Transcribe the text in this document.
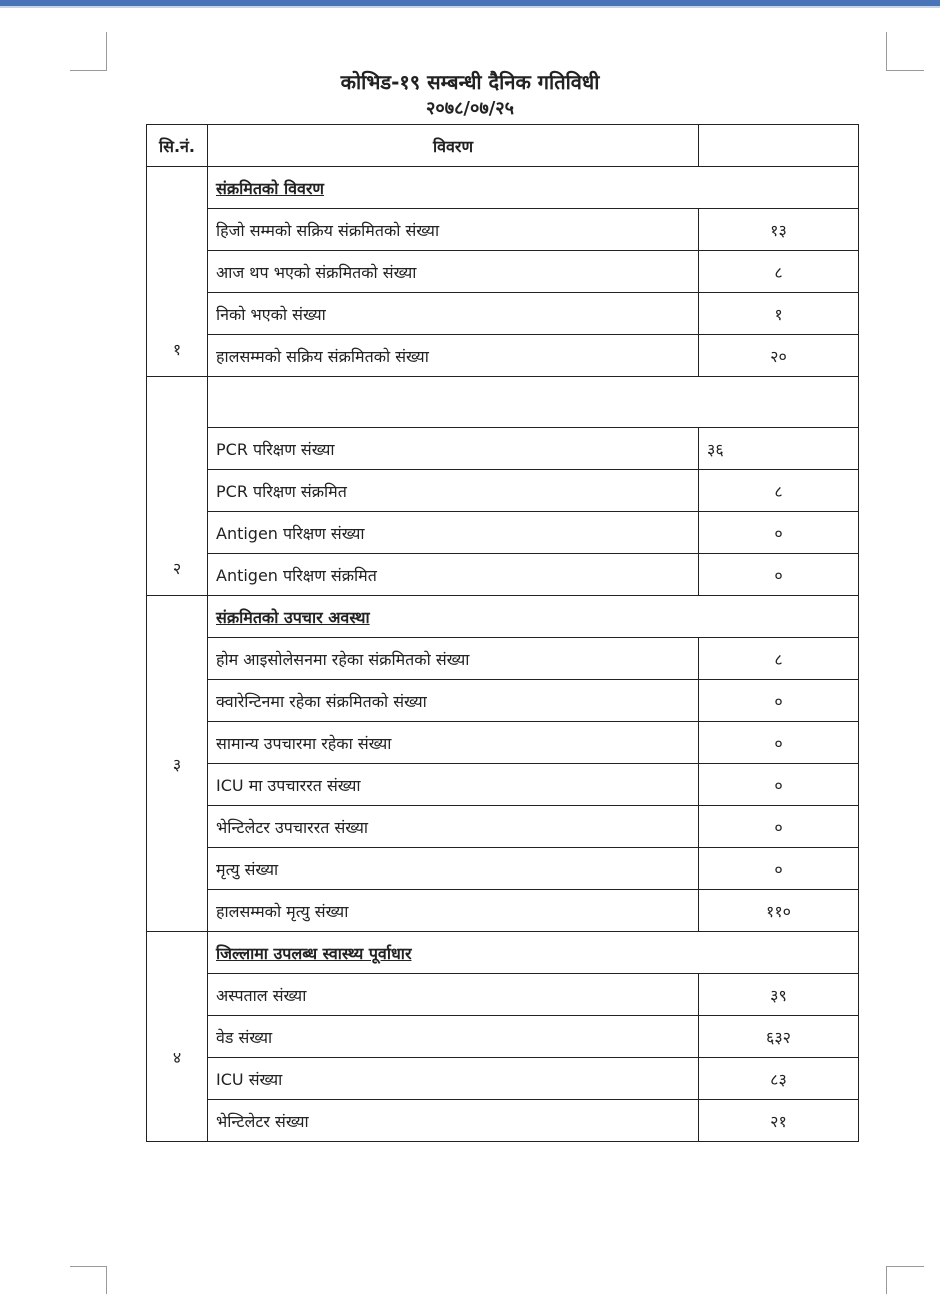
कोभिड-१९ सम्बन्धी दैनिक गतिविधी
२०७८/०७/२५
सि.नं.	विवरण	
१	संक्रमितको विवरण	
	हिजो सम्मको सक्रिय संक्रमितको संख्या	१३
	आज थप भएको संक्रमितको संख्या	८
	निको भएको संख्या	१
	हालसम्मको सक्रिय संक्रमितको संख्या	२०
२		
	PCR परिक्षण संख्या	३६
	PCR परिक्षण संक्रमित	८
	Antigen परिक्षण संख्या	०
	Antigen परिक्षण संक्रमित	०
३	संक्रमितको उपचार अवस्था	
	होम आइसोलेसनमा रहेका संक्रमितको संख्या	८
	क्वारेन्टिनमा रहेका संक्रमितको संख्या	०
	सामान्य उपचारमा रहेका संख्या	०
	ICU मा उपचाररत संख्या	०
	भेन्टिलेटर उपचाररत संख्या	०
	मृत्यु संख्या	०
	हालसम्मको मृत्यु संख्या	११०
४	जिल्लामा उपलब्ध स्वास्थ्य पूर्वाधार	
	अस्पताल संख्या	३९
	वेड संख्या	६३२
	ICU संख्या	८३
	भेन्टिलेटर संख्या	२१
